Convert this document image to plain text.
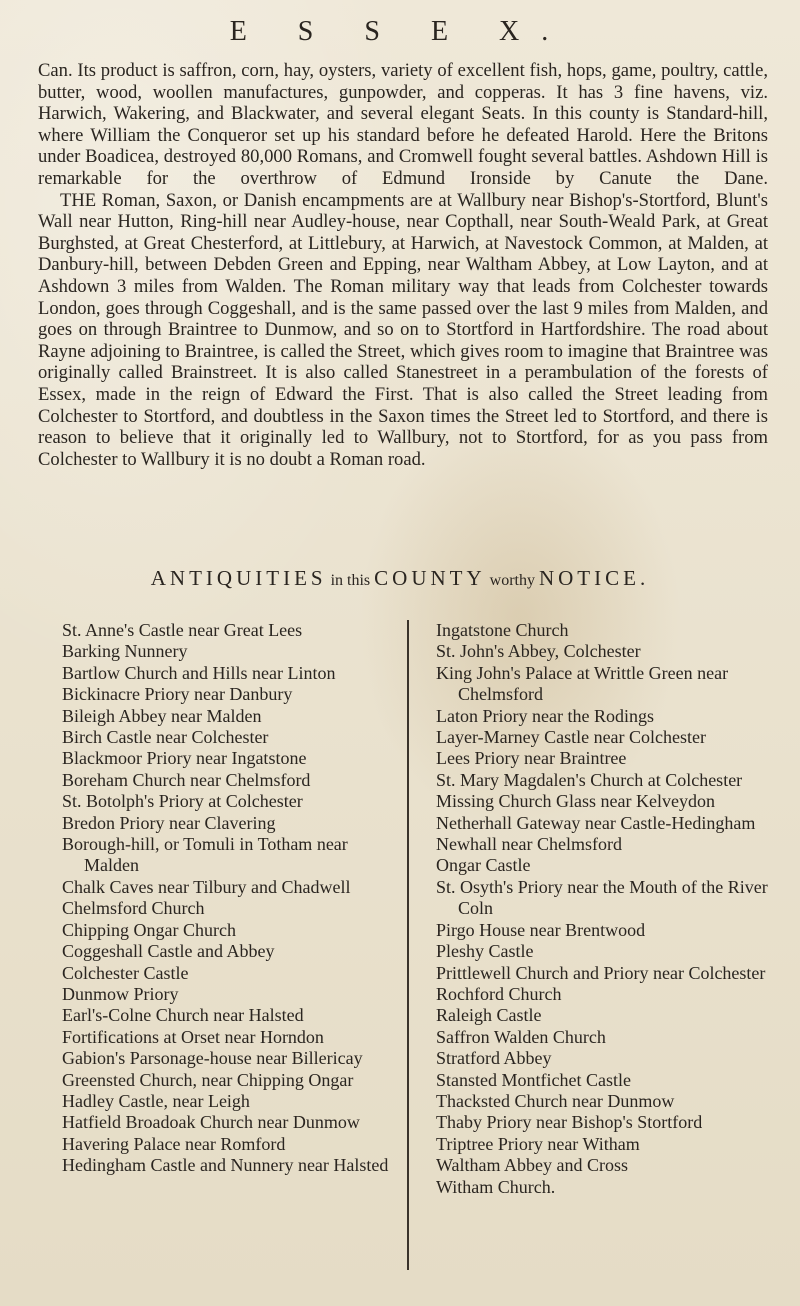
E S S E X.

Can. Its product is saffron, corn, hay, oysters, variety of excellent fish, hops, game, poultry, cattle, butter, wood, woollen manufactures, gunpowder, and copperas. It has 3 fine havens, viz. Harwich, Wakering, and Blackwater, and several elegant Seats. In this county is Standard-hill, where William the Conqueror set up his standard before he defeated Harold. Here the Britons under Boadicea, destroyed 80,000 Romans, and Cromwell fought several battles. Ashdown Hill is remarkable for the overthrow of Edmund Ironside by Canute the Dane.

THE Roman, Saxon, or Danish encampments are at Wallbury near Bishop's-Stortford, Blunt's Wall near Hutton, Ring-hill near Audley-house, near Copthall, near South-Weald Park, at Great Burghsted, at Great Chesterford, at Littlebury, at Harwich, at Navestock Common, at Malden, at Danbury-hill, between Debden Green and Epping, near Waltham Abbey, at Low Layton, and at Ashdown 3 miles from Walden. The Roman military way that leads from Colchester towards London, goes through Coggeshall, and is the same passed over the last 9 miles from Malden, and goes on through Braintree to Dunmow, and so on to Stortford in Hartfordshire. The road about Rayne adjoining to Braintree, is called the Street, which gives room to imagine that Braintree was originally called Brainstreet. It is also called Stanestreet in a perambulation of the forests of Essex, made in the reign of Edward the First. That is also called the Street leading from Colchester to Stortford, and doubtless in the Saxon times the Street led to Stortford, and there is reason to believe that it originally led to Wallbury, not to Stortford, for as you pass from Colchester to Wallbury it is no doubt a Roman road.

ANTIQUITIES in this COUNTY worthy NOTICE.
St. Anne's Castle near Great Lees
Barking Nunnery
Bartlow Church and Hills near Linton
Bickinacre Priory near Danbury
Bileigh Abbey near Malden
Birch Castle near Colchester
Blackmoor Priory near Ingatstone
Boreham Church near Chelmsford
St. Botolph's Priory at Colchester
Bredon Priory near Clavering
Borough-hill, or Tomuli in Totham near Malden
Chalk Caves near Tilbury and Chadwell
Chelmsford Church
Chipping Ongar Church
Coggeshall Castle and Abbey
Colchester Castle
Dunmow Priory
Earl's-Colne Church near Halsted
Fortifications at Orset near Horndon
Gabion's Parsonage-house near Billericay
Greensted Church, near Chipping Ongar
Hadley Castle, near Leigh
Hatfield Broadoak Church near Dunmow
Havering Palace near Romford
Hedingham Castle and Nunnery near Halsted
Ingatstone Church
St. John's Abbey, Colchester
King John's Palace at Writtle Green near Chelmsford
Laton Priory near the Rodings
Layer-Marney Castle near Colchester
Lees Priory near Braintree
St. Mary Magdalen's Church at Colchester
Missing Church Glass near Kelveydon
Netherhall Gateway near Castle-Hedingham
Newhall near Chelmsford
Ongar Castle
St. Osyth's Priory near the Mouth of the River Coln
Pirgo House near Brentwood
Pleshy Castle
Prittlewell Church and Priory near Colchester
Rochford Church
Raleigh Castle
Saffron Walden Church
Stratford Abbey
Stansted Montfichet Castle
Thacksted Church near Dunmow
Thaby Priory near Bishop's Stortford
Triptree Priory near Witham
Waltham Abbey and Cross
Witham Church.
